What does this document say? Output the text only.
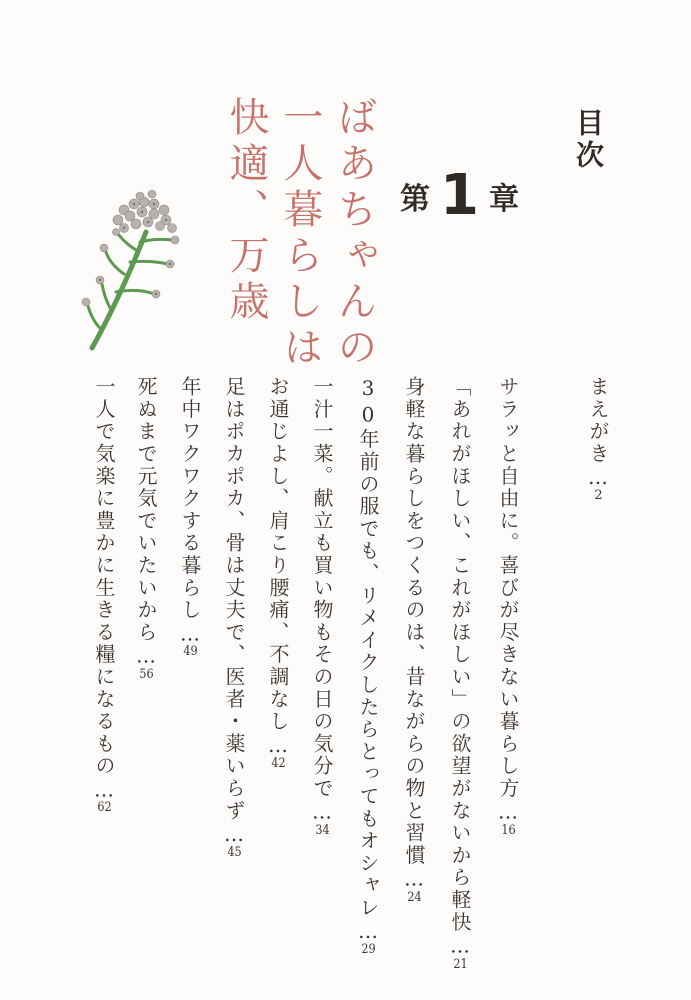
目次
第 1 章
ばあちゃんの
一人暮らしは
快適、万歳
まえがき…2
サラッと自由に。喜びが尽きない暮らし方…16
「あれがほしい、これがほしい」の欲望がないから軽快…21
身軽な暮らしをつくるのは、昔ながらの物と習慣…24
30年前の服でも、リメイクしたらとってもオシャレ…29
一汁一菜。献立も買い物もその日の気分で…34
お通じよし、肩こり腰痛、不調なし…42
足はポカポカ、骨は丈夫で、医者・薬いらず…45
年中ワクワクする暮らし…49
死ぬまで元気でいたいから…56
一人で気楽に豊かに生きる糧になるもの…62
